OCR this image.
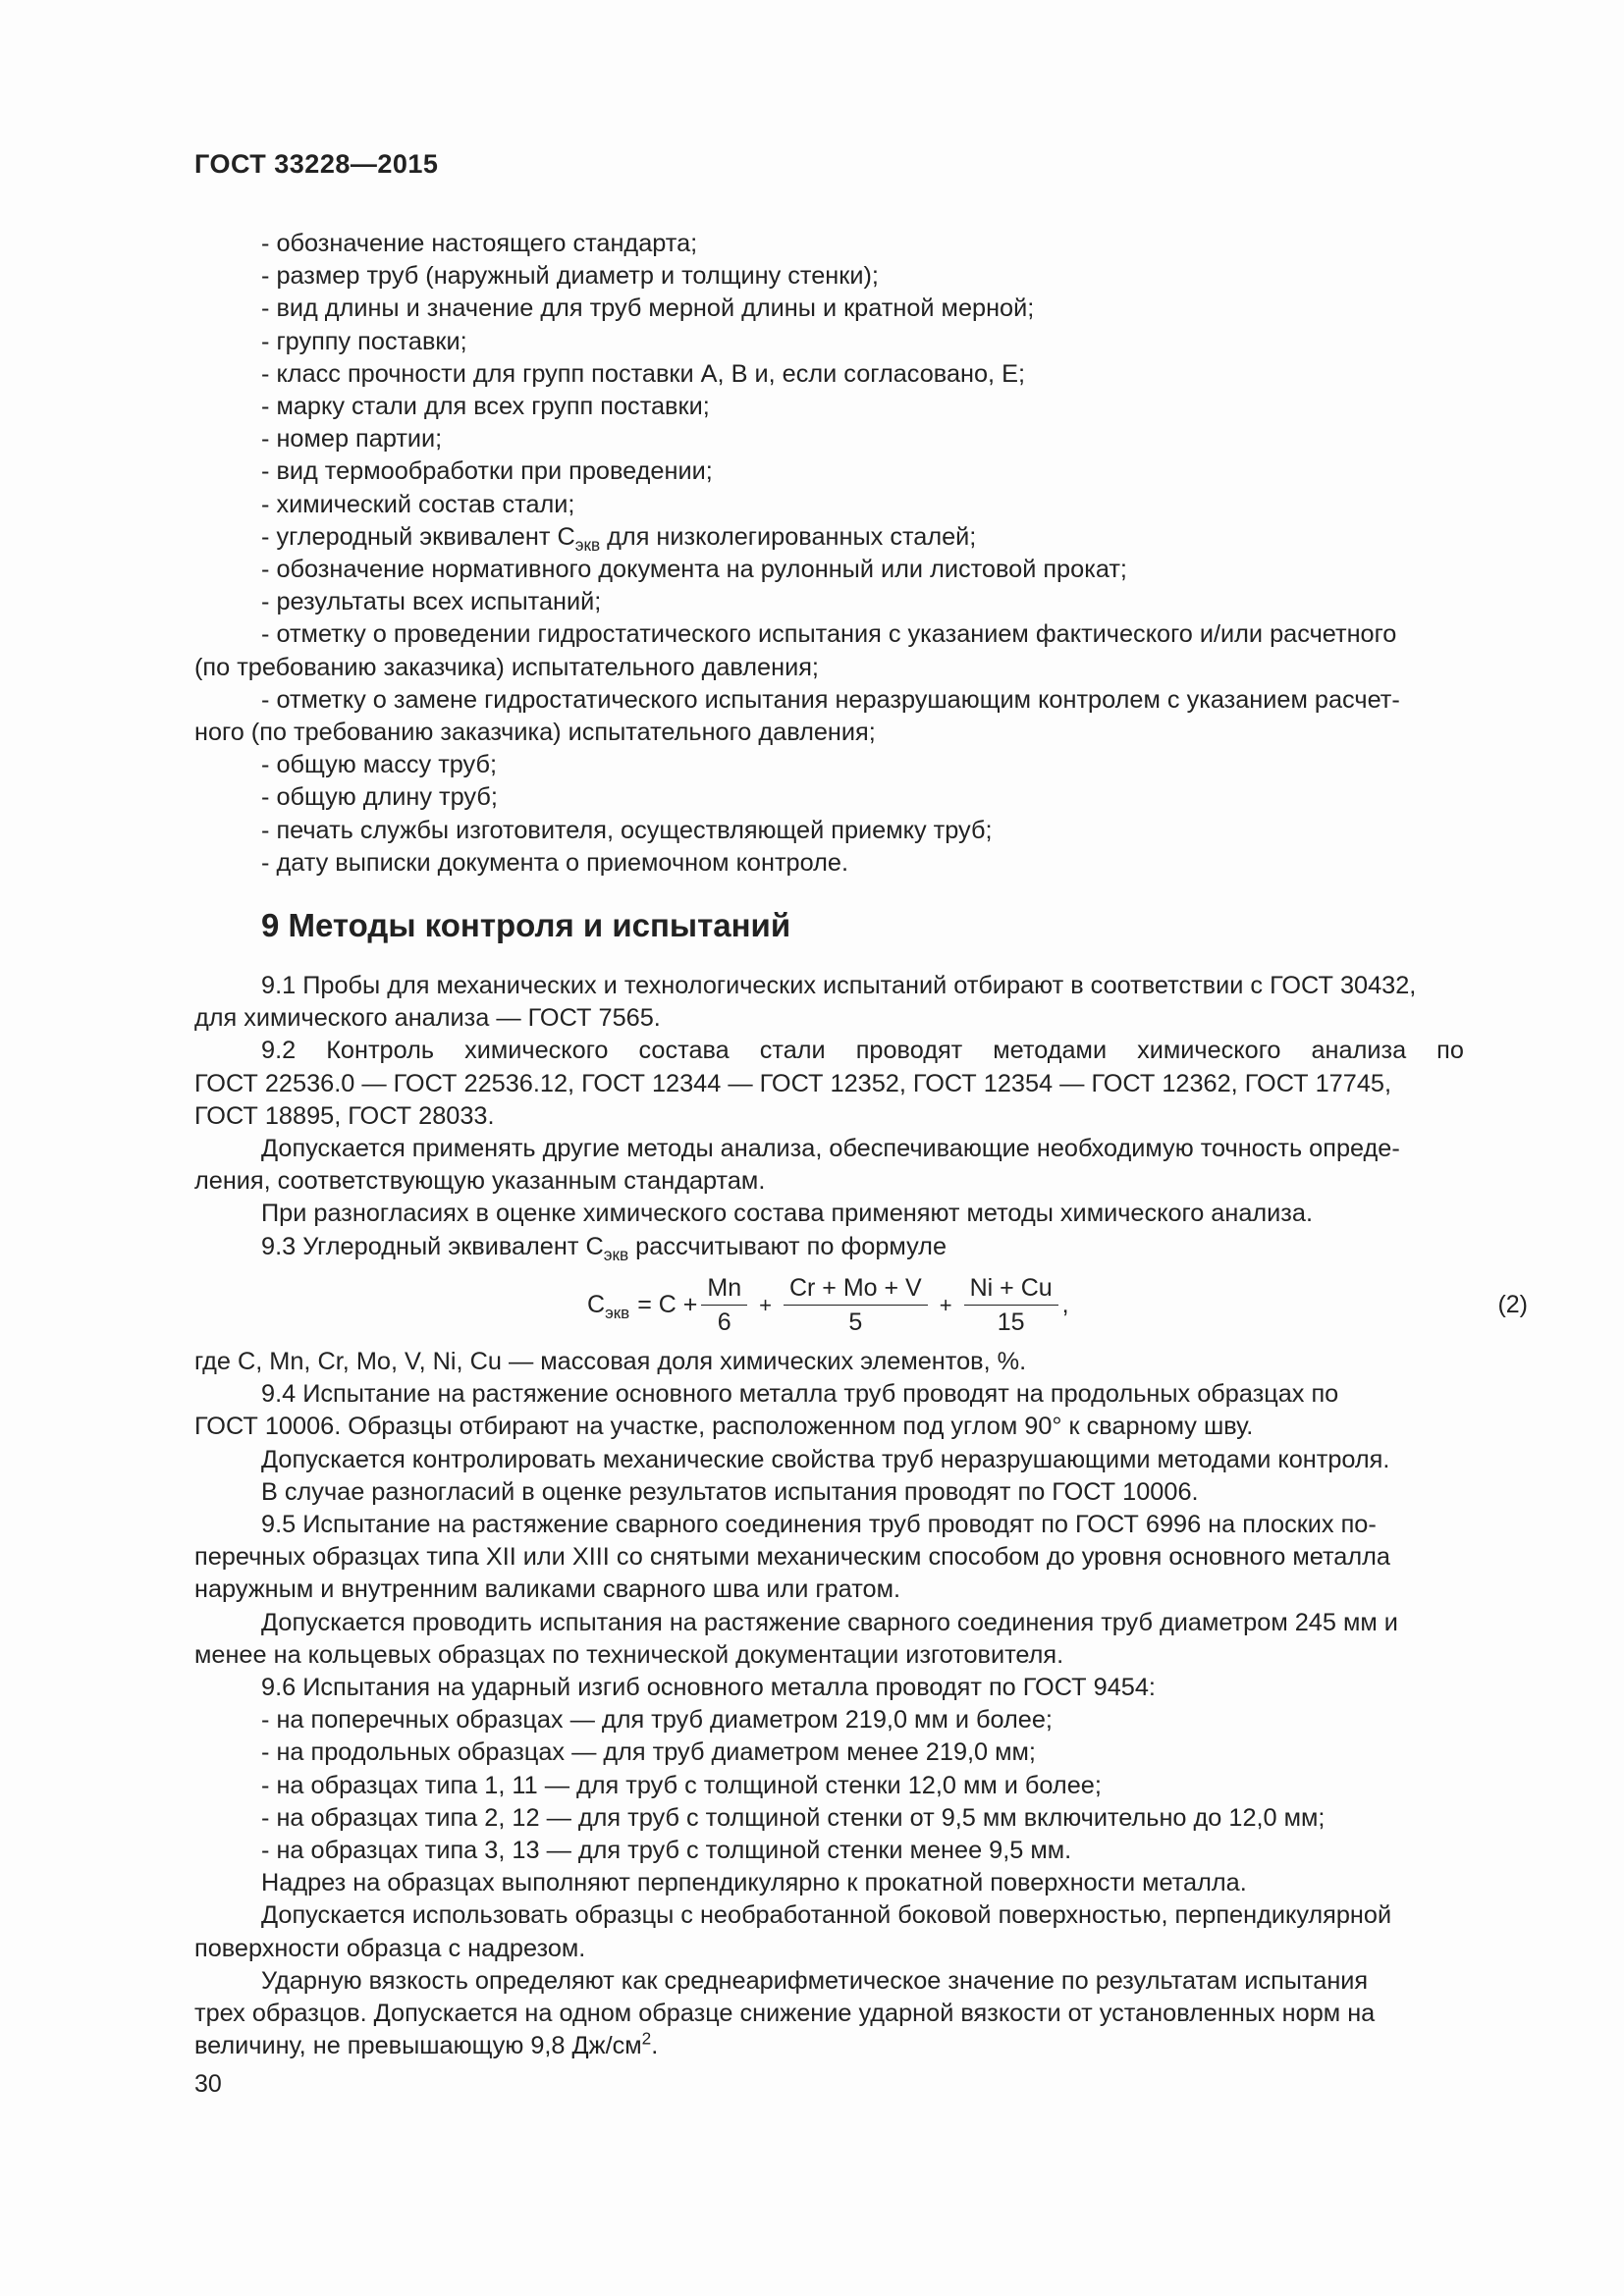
ГОСТ 33228—2015

- обозначение настоящего стандарта;

- размер труб (наружный диаметр и толщину стенки);

- вид длины и значение для труб мерной длины и кратной мерной;

- группу поставки;

- класс прочности для групп поставки А, В и, если согласовано, Е;

- марку стали для всех групп поставки;

- номер партии;

- вид термообработки при проведении;

- химический состав стали;

- углеродный эквивалент $С_{экв}$ для низколегированных сталей;

- обозначение нормативного документа на рулонный или листовой прокат;

- результаты всех испытаний;

- отметку о проведении гидростатического испытания с указанием фактического и/или расчетного

(по требованию заказчика) испытательного давления;

- отметку о замене гидростатического испытания неразрушающим контролем с указанием расчет-

ного (по требованию заказчика) испытательного давления;

- общую массу труб;

- общую длину труб;

- печать службы изготовителя, осуществляющей приемку труб;

- дату выписки документа о приемочном контроле.

9 Методы контроля и испытаний

9.1 Пробы для механических и технологических испытаний отбирают в соответствии с ГОСТ 30432,

для химического анализа — ГОСТ 7565.

9.2 Контроль химического состава стали проводят методами химического анализа по

ГОСТ 22536.0 — ГОСТ 22536.12, ГОСТ 12344 — ГОСТ 12352, ГОСТ 12354 — ГОСТ 12362, ГОСТ 17745,

ГОСТ 18895, ГОСТ 28033.

Допускается применять другие методы анализа, обеспечивающие необходимую точность опреде-

ления, соответствующую указанным стандартам.

При разногласиях в оценке химического состава применяют методы химического анализа.

9.3 Углеродный эквивалент $С_{экв}$ рассчитывают по формуле

$С_{экв} = С + \frac{Mn}{6} + \frac{Cr + Mo + V}{5} + \frac{Ni + Cu}{15}$ ,	(2)

где C, Mn, Cr, Mo, V, Ni, Cu — массовая доля химических элементов, %.

9.4 Испытание на растяжение основного металла труб проводят на продольных образцах по

ГОСТ 10006. Образцы отбирают на участке, расположенном под углом 90° к сварному шву.

Допускается контролировать механические свойства труб неразрушающими методами контроля.

В случае разногласий в оценке результатов испытания проводят по ГОСТ 10006.

9.5 Испытание на растяжение сварного соединения труб проводят по ГОСТ 6996 на плоских по-

перечных образцах типа XII или XIII со снятыми механическим способом до уровня основного металла

наружным и внутренним валиками сварного шва или гратом.

Допускается проводить испытания на растяжение сварного соединения труб диаметром 245 мм и

менее на кольцевых образцах по технической документации изготовителя.

9.6 Испытания на ударный изгиб основного металла проводят по ГОСТ 9454:

- на поперечных образцах — для труб диаметром 219,0 мм и более;

- на продольных образцах — для труб диаметром менее 219,0 мм;

- на образцах типа 1, 11 — для труб с толщиной стенки 12,0 мм и более;

- на образцах типа 2, 12 — для труб с толщиной стенки от 9,5 мм включительно до 12,0 мм;

- на образцах типа 3, 13 — для труб с толщиной стенки менее 9,5 мм.

Надрез на образцах выполняют перпендикулярно к прокатной поверхности металла.

Допускается использовать образцы с необработанной боковой поверхностью, перпендикулярной

поверхности образца с надрезом.

Ударную вязкость определяют как среднеарифметическое значение по результатам испытания

трех образцов. Допускается на одном образце снижение ударной вязкости от установленных норм на

величину, не превышающую 9,8 $Дж/см^2$.

30
